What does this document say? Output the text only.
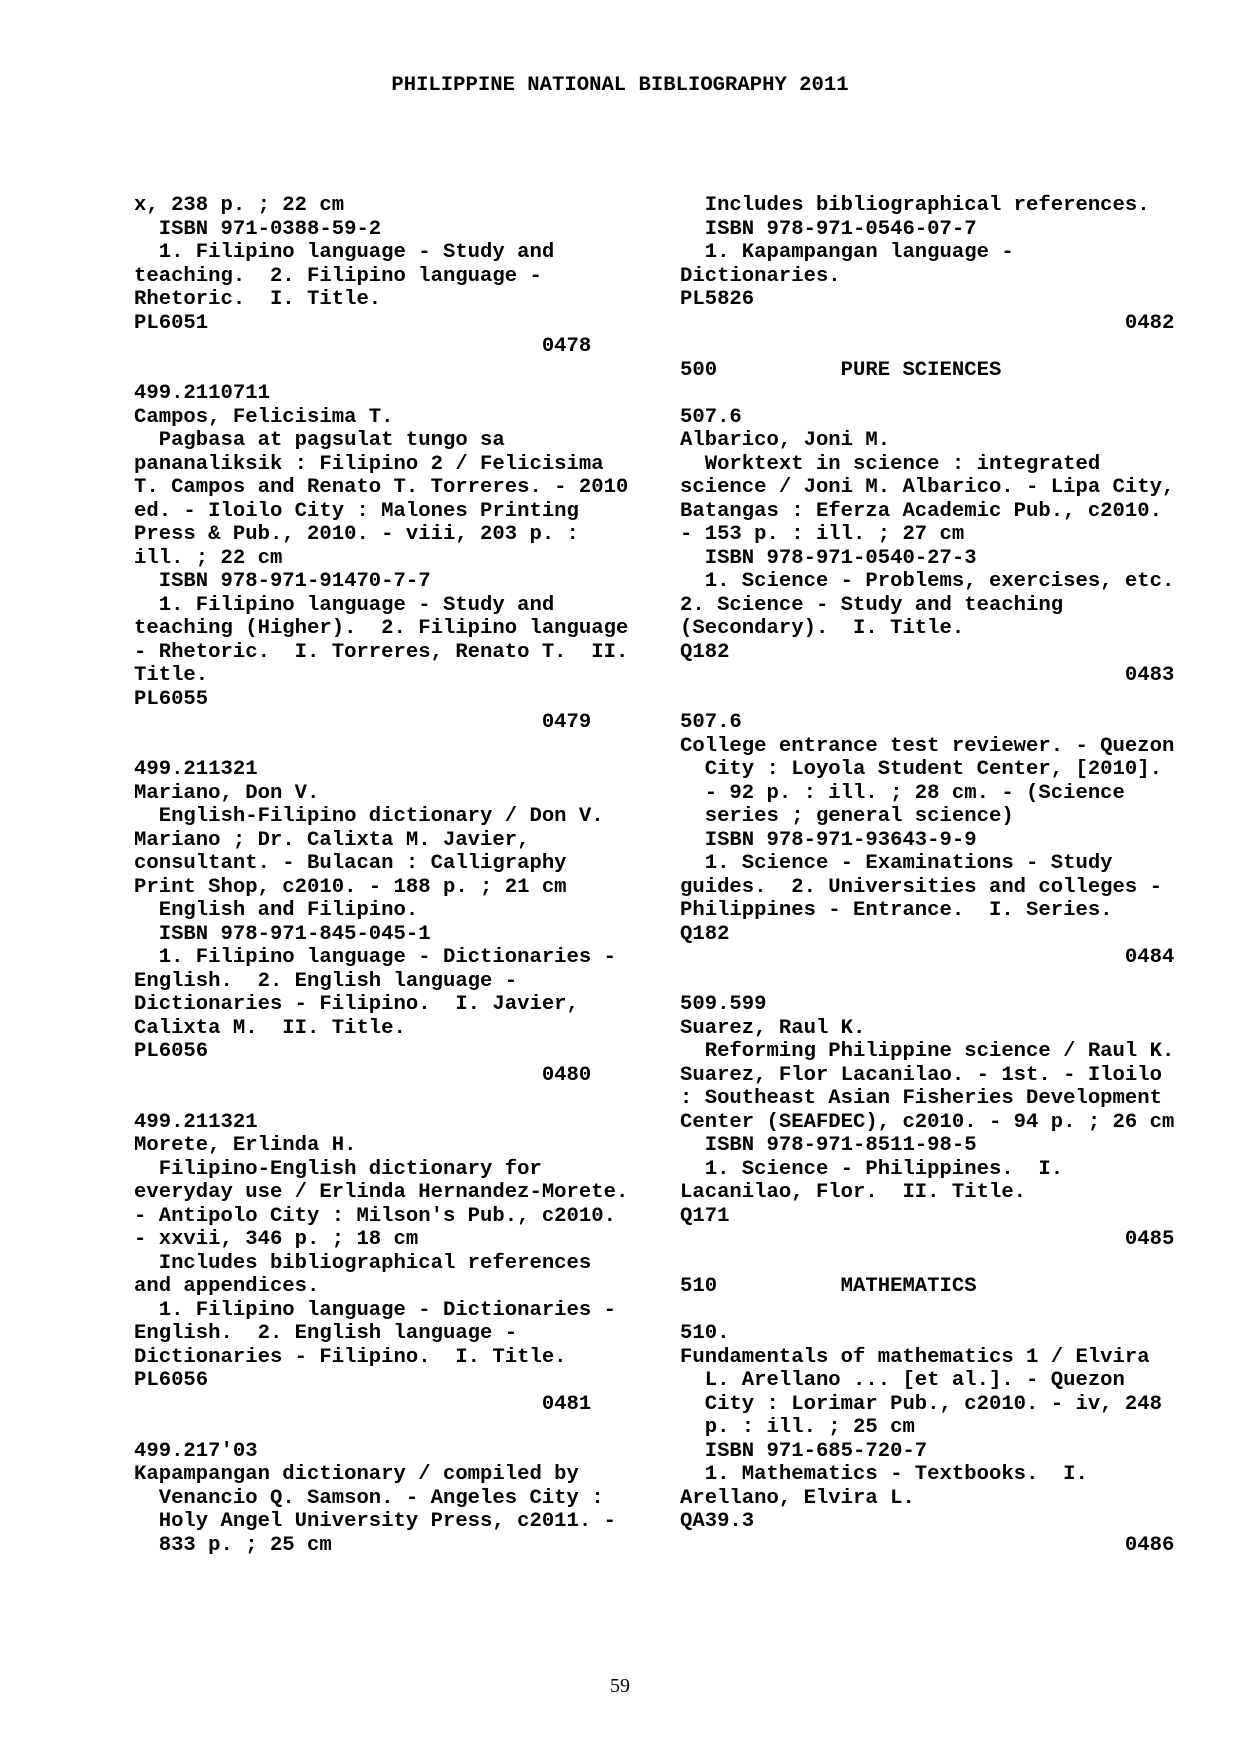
PHILIPPINE NATIONAL BIBLIOGRAPHY 2011
x, 238 p. ; 22 cm
ISBN 971-0388-59-2
1. Filipino language - Study and
teaching.  2. Filipino language -
Rhetoric.  I. Title.
PL6051
0478
499.2110711
Campos, Felicisima T.
Pagbasa at pagsulat tungo sa
pananaliksik : Filipino 2 / Felicisima
T. Campos and Renato T. Torreres. - 2010
ed. - Iloilo City : Malones Printing
Press & Pub., 2010. - viii, 203 p. :
ill. ; 22 cm
ISBN 978-971-91470-7-7
1. Filipino language - Study and
teaching (Higher).  2. Filipino language
- Rhetoric.  I. Torreres, Renato T.  II.
Title.
PL6055
0479
499.211321
Mariano, Don V.
English-Filipino dictionary / Don V.
Mariano ; Dr. Calixta M. Javier,
consultant. - Bulacan : Calligraphy
Print Shop, c2010. - 188 p. ; 21 cm
English and Filipino.
ISBN 978-971-845-045-1
1. Filipino language - Dictionaries -
English.  2. English language -
Dictionaries - Filipino.  I. Javier,
Calixta M.  II. Title.
PL6056
0480
499.211321
Morete, Erlinda H.
Filipino-English dictionary for
everyday use / Erlinda Hernandez-Morete.
- Antipolo City : Milson's Pub., c2010.
- xxvii, 346 p. ; 18 cm
Includes bibliographical references
and appendices.
1. Filipino language - Dictionaries -
English.  2. English language -
Dictionaries - Filipino.  I. Title.
PL6056
0481
499.217'03
Kapampangan dictionary / compiled by
Venancio Q. Samson. - Angeles City :
Holy Angel University Press, c2011. -
833 p. ; 25 cm
Includes bibliographical references.
ISBN 978-971-0546-07-7
1. Kapampangan language -
Dictionaries.
PL5826
0482
500          PURE SCIENCES
507.6
Albarico, Joni M.
Worktext in science : integrated
science / Joni M. Albarico. - Lipa City,
Batangas : Eferza Academic Pub., c2010.
- 153 p. : ill. ; 27 cm
ISBN 978-971-0540-27-3
1. Science - Problems, exercises, etc.
2. Science - Study and teaching
(Secondary).  I. Title.
Q182
0483
507.6
College entrance test reviewer. - Quezon
City : Loyola Student Center, [2010].
- 92 p. : ill. ; 28 cm. - (Science
series ; general science)
ISBN 978-971-93643-9-9
1. Science - Examinations - Study
guides.  2. Universities and colleges -
Philippines - Entrance.  I. Series.
Q182
0484
509.599
Suarez, Raul K.
Reforming Philippine science / Raul K.
Suarez, Flor Lacanilao. - 1st. - Iloilo
: Southeast Asian Fisheries Development
Center (SEAFDEC), c2010. - 94 p. ; 26 cm
ISBN 978-971-8511-98-5
1. Science - Philippines.  I.
Lacanilao, Flor.  II. Title.
Q171
0485
510          MATHEMATICS
510.
Fundamentals of mathematics 1 / Elvira
L. Arellano ... [et al.]. - Quezon
City : Lorimar Pub., c2010. - iv, 248
p. : ill. ; 25 cm
ISBN 971-685-720-7
1. Mathematics - Textbooks.  I.
Arellano, Elvira L.
QA39.3
0486
59
